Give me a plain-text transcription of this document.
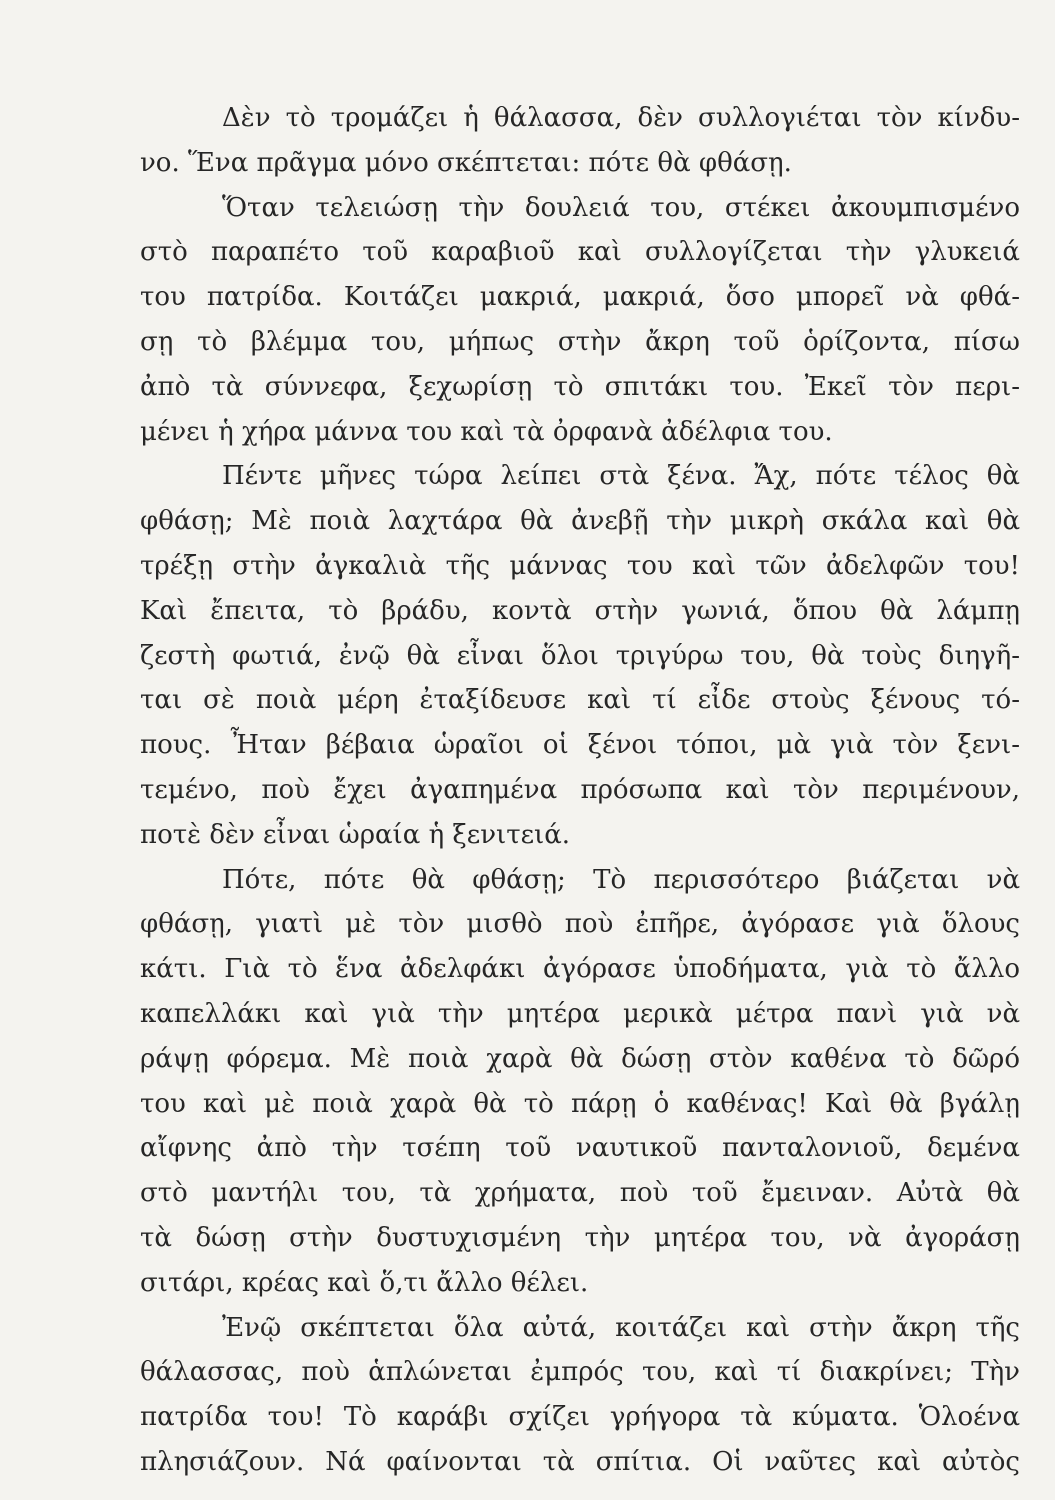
Δὲν τὸ τρομάζει ἡ θάλασσα, δὲν συλλογιέται τὸν κίνδυ-
νο. Ἕνα πρᾶγμα μόνο σκέπτεται: πότε θὰ φθάσῃ.
Ὅταν τελειώσῃ τὴν δουλειά του, στέκει ἀκουμπισμένο
στὸ παραπέτο τοῦ καραβιοῦ καὶ συλλογίζεται τὴν γλυκειά
του πατρίδα. Κοιτάζει μακριά, μακριά, ὅσο μπορεῖ νὰ φθά-
σῃ τὸ βλέμμα του, μήπως στὴν ἄκρη τοῦ ὁρίζοντα, πίσω
ἀπὸ τὰ σύννεφα, ξεχωρίσῃ τὸ σπιτάκι του. Ἐκεῖ τὸν περι-
μένει ἡ χήρα μάννα του καὶ τὰ ὀρφανὰ ἀδέλφια του.
Πέντε μῆνες τώρα λείπει στὰ ξένα. Ἄχ, πότε τέλος θὰ
φθάσῃ; Μὲ ποιὰ λαχτάρα θὰ ἀνεβῇ τὴν μικρὴ σκάλα καὶ θὰ
τρέξῃ στὴν ἀγκαλιὰ τῆς μάννας του καὶ τῶν ἀδελφῶν του!
Καὶ ἔπειτα, τὸ βράδυ, κοντὰ στὴν γωνιά, ὅπου θὰ λάμπῃ
ζεστὴ φωτιά, ἐνῷ θὰ εἶναι ὅλοι τριγύρω του, θὰ τοὺς διηγῆ-
ται σὲ ποιὰ μέρη ἐταξίδευσε καὶ τί εἶδε στοὺς ξένους τό-
πους. Ἦταν βέβαια ὡραῖοι οἱ ξένοι τόποι, μὰ γιὰ τὸν ξενι-
τεμένο, ποὺ ἔχει ἀγαπημένα πρόσωπα καὶ τὸν περιμένουν,
ποτὲ δὲν εἶναι ὡραία ἡ ξενιτειά.
Πότε, πότε θὰ φθάσῃ; Τὸ περισσότερο βιάζεται νὰ
φθάσῃ, γιατὶ μὲ τὸν μισθὸ ποὺ ἐπῆρε, ἀγόρασε γιὰ ὅλους
κάτι. Γιὰ τὸ ἕνα ἀδελφάκι ἀγόρασε ὑποδήματα, γιὰ τὸ ἄλλο
καπελλάκι καὶ γιὰ τὴν μητέρα μερικὰ μέτρα πανὶ γιὰ νὰ
ράψῃ φόρεμα. Μὲ ποιὰ χαρὰ θὰ δώσῃ στὸν καθένα τὸ δῶρό
του καὶ μὲ ποιὰ χαρὰ θὰ τὸ πάρῃ ὁ καθένας! Καὶ θὰ βγάλῃ
αἴφνης ἀπὸ τὴν τσέπη τοῦ ναυτικοῦ πανταλονιοῦ, δεμένα
στὸ μαντήλι του, τὰ χρήματα, ποὺ τοῦ ἔμειναν. Αὐτὰ θὰ
τὰ δώσῃ στὴν δυστυχισμένη τὴν μητέρα του, νὰ ἀγοράσῃ
σιτάρι, κρέας καὶ ὅ,τι ἄλλο θέλει.
Ἐνῷ σκέπτεται ὅλα αὐτά, κοιτάζει καὶ στὴν ἄκρη τῆς
θάλασσας, ποὺ ἁπλώνεται ἐμπρός του, καὶ τί διακρίνει; Τὴν
πατρίδα του! Τὸ καράβι σχίζει γρήγορα τὰ κύματα. Ὁλοένα
πλησιάζουν. Νά φαίνονται τὰ σπίτια. Οἱ ναῦτες καὶ αὐτὸς
